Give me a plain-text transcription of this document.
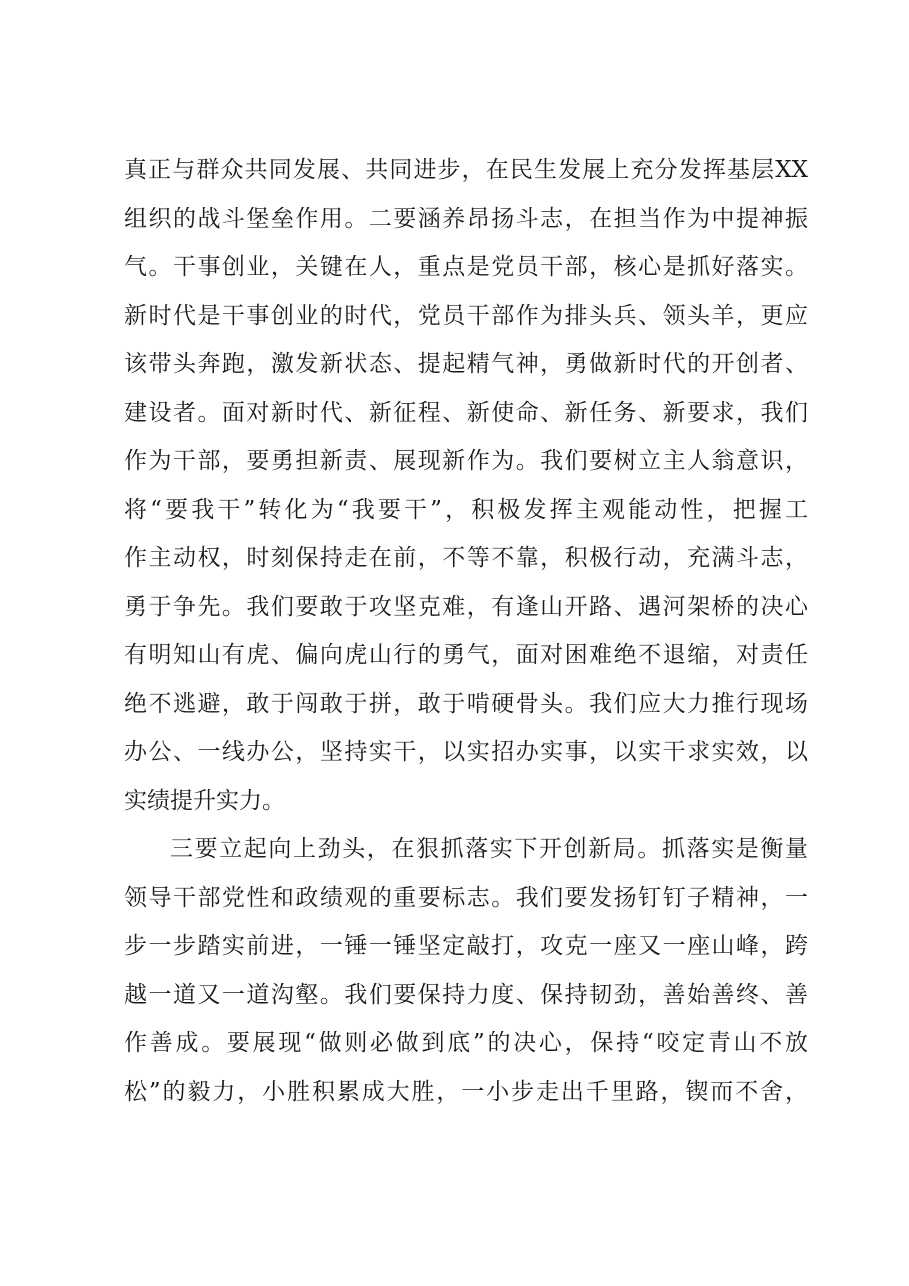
真正与群众共同发展、共同进步，在民生发展上充分发挥基层XX
组织的战斗堡垒作用。二要涵养昂扬斗志，在担当作为中提神振
气。干事创业，关键在人，重点是党员干部，核心是抓好落实。
新时代是干事创业的时代，党员干部作为排头兵、领头羊，更应
该带头奔跑，激发新状态、提起精气神，勇做新时代的开创者、
建设者。面对新时代、新征程、新使命、新任务、新要求，我们
作为干部，要勇担新责、展现新作为。我们要树立主人翁意识，
将“要我干”转化为“我要干”，积极发挥主观能动性，把握工
作主动权，时刻保持走在前，不等不靠，积极行动，充满斗志，
勇于争先。我们要敢于攻坚克难，有逢山开路、遇河架桥的决心
有明知山有虎、偏向虎山行的勇气，面对困难绝不退缩，对责任
绝不逃避，敢于闯敢于拼，敢于啃硬骨头。我们应大力推行现场
办公、一线办公，坚持实干，以实招办实事，以实干求实效，以
实绩提升实力。

三要立起向上劲头，在狠抓落实下开创新局。抓落实是衡量
领导干部党性和政绩观的重要标志。我们要发扬钉钉子精神，一
步一步踏实前进，一锤一锤坚定敲打，攻克一座又一座山峰，跨
越一道又一道沟壑。我们要保持力度、保持韧劲，善始善终、善
作善成。要展现“做则必做到底”的决心，保持“咬定青山不放
松”的毅力，小胜积累成大胜，一小步走出千里路，锲而不舍，
